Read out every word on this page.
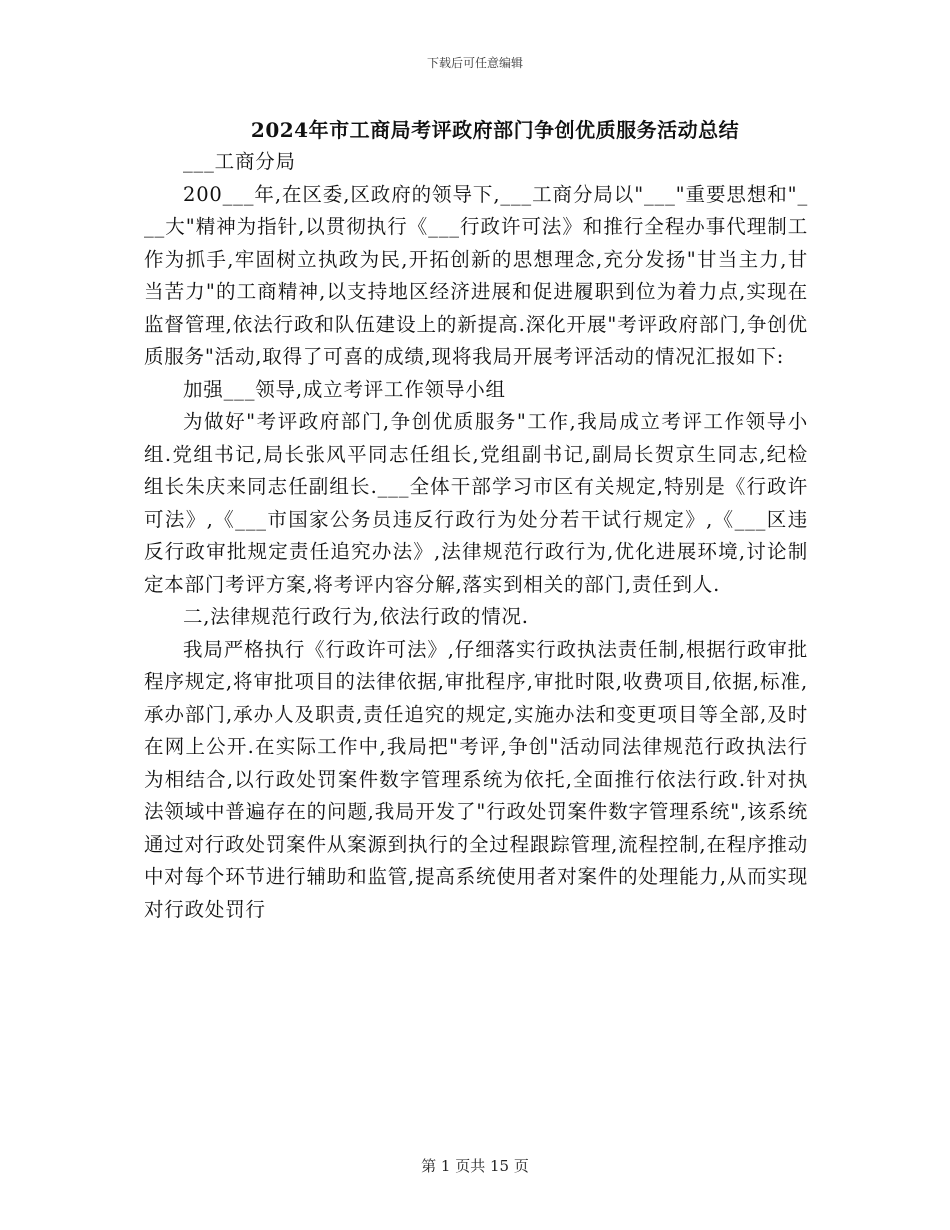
下载后可任意编辑
2024年市工商局考评政府部门争创优质服务活动总结

___工商分局

200___年,在区委,区政府的领导下,___工商分局以"___"重要思想和"___大"精神为指针,以贯彻执行《___行政许可法》和推行全程办事代理制工作为抓手,牢固树立执政为民,开拓创新的思想理念,充分发扬"甘当主力,甘当苦力"的工商精神,以支持地区经济进展和促进履职到位为着力点,实现在监督管理,依法行政和队伍建设上的新提高.深化开展"考评政府部门,争创优质服务"活动,取得了可喜的成绩,现将我局开展考评活动的情况汇报如下:

加强___领导,成立考评工作领导小组

为做好"考评政府部门,争创优质服务"工作,我局成立考评工作领导小组.党组书记,局长张风平同志任组长,党组副书记,副局长贺京生同志,纪检组长朱庆来同志任副组长.___全体干部学习市区有关规定,特别是《行政许可法》,《___市国家公务员违反行政行为处分若干试行规定》,《___区违反行政审批规定责任追究办法》,法律规范行政行为,优化进展环境,讨论制定本部门考评方案,将考评内容分解,落实到相关的部门,责任到人.

二,法律规范行政行为,依法行政的情况.

我局严格执行《行政许可法》,仔细落实行政执法责任制,根据行政审批程序规定,将审批项目的法律依据,审批程序,审批时限,收费项目,依据,标准,承办部门,承办人及职责,责任追究的规定,实施办法和变更项目等全部,及时在网上公开.在实际工作中,我局把"考评,争创"活动同法律规范行政执法行为相结合,以行政处罚案件数字管理系统为依托,全面推行依法行政.针对执法领域中普遍存在的问题,我局开发了"行政处罚案件数字管理系统",该系统通过对行政处罚案件从案源到执行的全过程跟踪管理,流程控制,在程序推动中对每个环节进行辅助和监管,提高系统使用者对案件的处理能力,从而实现对行政处罚行

第 1 页共 15 页
